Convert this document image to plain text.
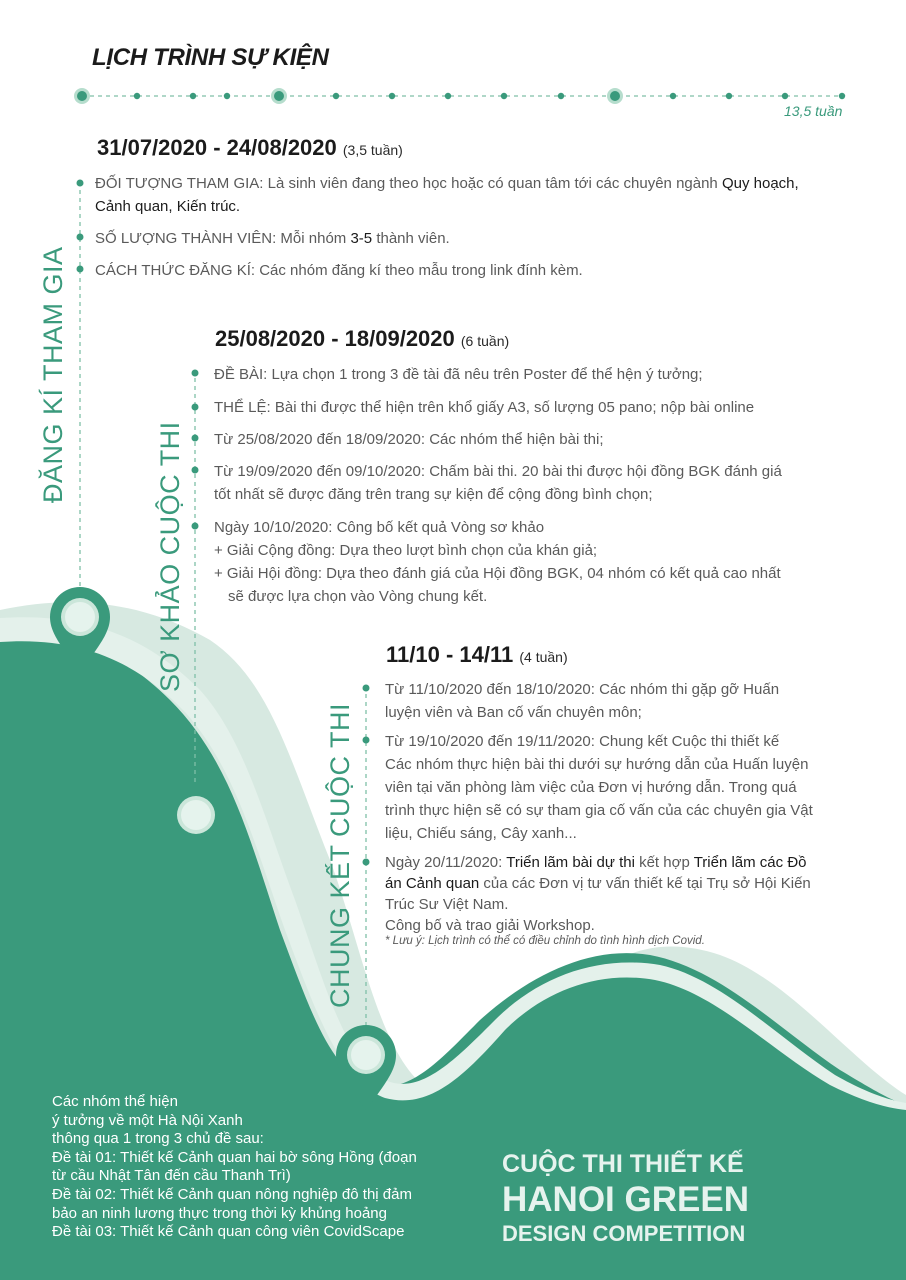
LỊCH TRÌNH SỰ KIỆN
13,5 tuần
ĐĂNG KÍ THAM GIA
SƠ KHẢO CUỘC THI
CHUNG KẾT CUỘC THI
31/07/2020 - 24/08/2020 (3,5 tuần)
ĐỐI TƯỢNG THAM GIA: Là sinh viên đang theo học hoặc có quan tâm tới các chuyên ngành Quy hoạch,
Cảnh quan, Kiến trúc.
SỐ LƯỢNG THÀNH VIÊN: Mỗi nhóm 3-5 thành viên.
CÁCH THỨC ĐĂNG KÍ: Các nhóm đăng kí theo mẫu trong link đính kèm.
25/08/2020 - 18/09/2020 (6 tuần)
ĐỀ BÀI: Lựa chọn 1 trong 3 đề tài đã nêu trên Poster để thể hện ý tưởng;
THỂ LỆ: Bài thi được thể hiện trên khổ giấy A3, số lượng 05 pano; nộp bài online
Từ 25/08/2020 đến 18/09/2020: Các nhóm thể hiện bài thi;
Từ 19/09/2020 đến 09/10/2020: Chấm bài thi. 20 bài thi được hội đồng BGK đánh giá
tốt nhất sẽ được đăng trên trang sự kiện để cộng đồng bình chọn;
Ngày 10/10/2020: Công bố kết quả Vòng sơ khảo
+ Giải Cộng đồng: Dựa theo lượt bình chọn của khán giả;
+ Giải Hội đồng: Dựa theo đánh giá của Hội đồng BGK, 04 nhóm có kết quả cao nhất
sẽ được lựa chọn vào Vòng chung kết.
11/10 - 14/11 (4 tuần)
Từ 11/10/2020 đến 18/10/2020: Các nhóm thi gặp gỡ Huấn
luyện viên và Ban cố vấn chuyên môn;
Từ 19/10/2020 đến 19/11/2020: Chung kết Cuộc thi thiết kế
Các nhóm thực hiện bài thi dưới sự hướng dẫn của Huấn luyện
viên tại văn phòng làm việc của Đơn vị hướng dẫn. Trong quá
trình thực hiện sẽ có sự tham gia cố vấn của các chuyên gia Vật
liệu, Chiếu sáng, Cây xanh...
Ngày 20/11/2020: Triển lãm bài dự thi kết hợp Triển lãm các Đồ
án Cảnh quan của các Đơn vị tư vấn thiết kế tại Trụ sở Hội Kiến
Trúc Sư Việt Nam.
Công bố và trao giải Workshop.
* Lưu ý: Lịch trình có thể có điều chỉnh do tình hình dịch Covid.
Các nhóm thể hiện
ý tưởng về một Hà Nội Xanh
thông qua 1 trong 3 chủ đề sau:
Đề tài 01: Thiết kế Cảnh quan hai bờ sông Hồng (đoạn
từ cầu Nhật Tân đến cầu Thanh Trì)
Đề tài 02: Thiết kế Cảnh quan nông nghiệp đô thị đảm
bảo an ninh lương thực trong thời kỳ khủng hoảng
Đề tài 03: Thiết kế Cảnh quan công viên CovidScape
CUỘC THI THIẾT KẾ
HANOI GREEN
DESIGN COMPETITION
